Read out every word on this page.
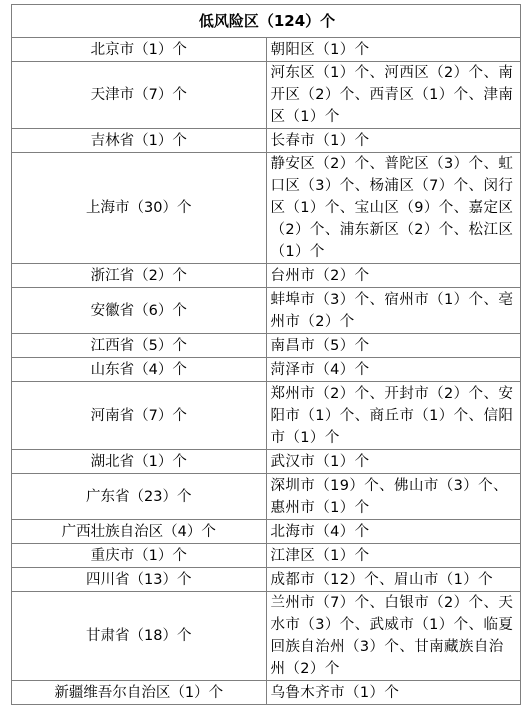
低风险区（124）个	
北京市（1）个	朝阳区（1）个
天津市（7）个	河东区（1）个、河西区（2）个、南开区（2）个、西青区（1）个、津南区（1）个
吉林省（1）个	长春市（1）个
上海市（30）个	静安区（2）个、普陀区（3）个、虹口区（3）个、杨浦区（7）个、闵行区（1）个、宝山区（9）个、嘉定区（2）个、浦东新区（2）个、松江区（1）个
浙江省（2）个	台州市（2）个
安徽省（6）个	蚌埠市（3）个、宿州市（1）个、亳州市（2）个
江西省（5）个	南昌市（5）个
山东省（4）个	菏泽市（4）个
河南省（7）个	郑州市（2）个、开封市（2）个、安阳市（1）个、商丘市（1）个、信阳市（1）个
湖北省（1）个	武汉市（1）个
广东省（23）个	深圳市（19）个、佛山市（3）个、惠州市（1）个
广西壮族自治区（4）个	北海市（4）个
重庆市（1）个	江津区（1）个
四川省（13）个	成都市（12）个、眉山市（1）个
甘肃省（18）个	兰州市（7）个、白银市（2）个、天水市（3）个、武威市（1）个、临夏回族自治州（3）个、甘南藏族自治州（2）个
新疆维吾尔自治区（1）个	乌鲁木齐市（1）个
